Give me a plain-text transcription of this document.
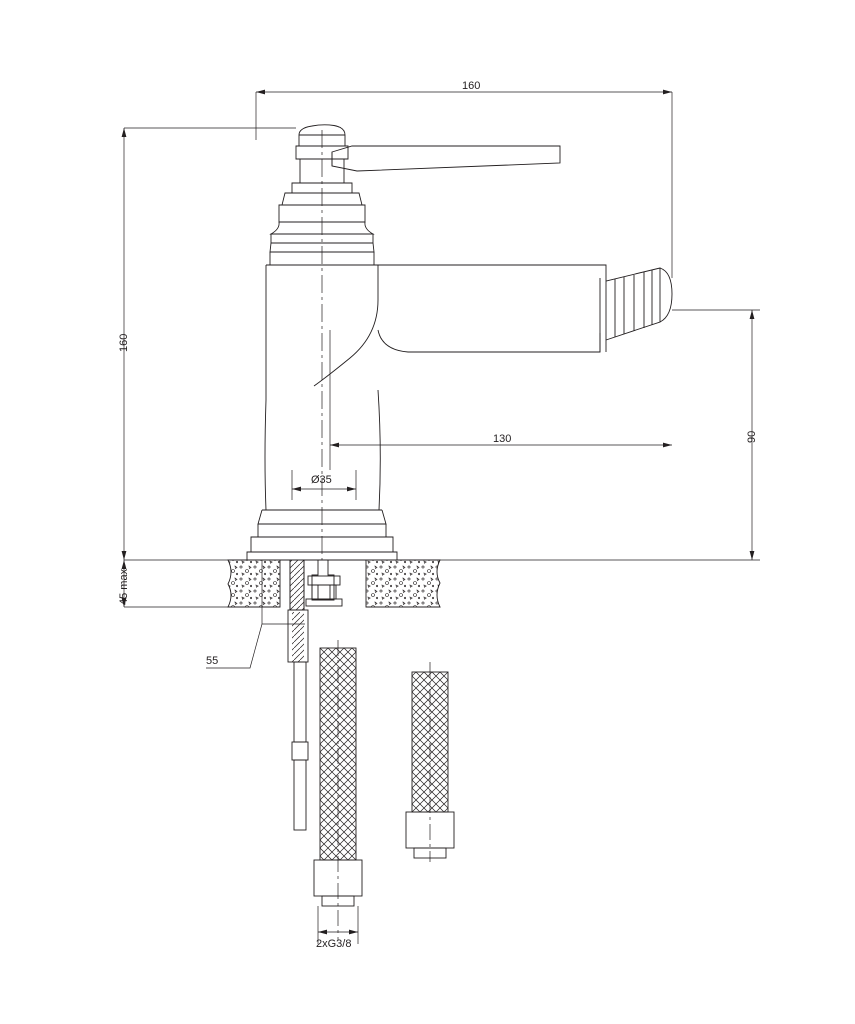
160
160
45 max
130	90
Ø35
55
2xG3/8
